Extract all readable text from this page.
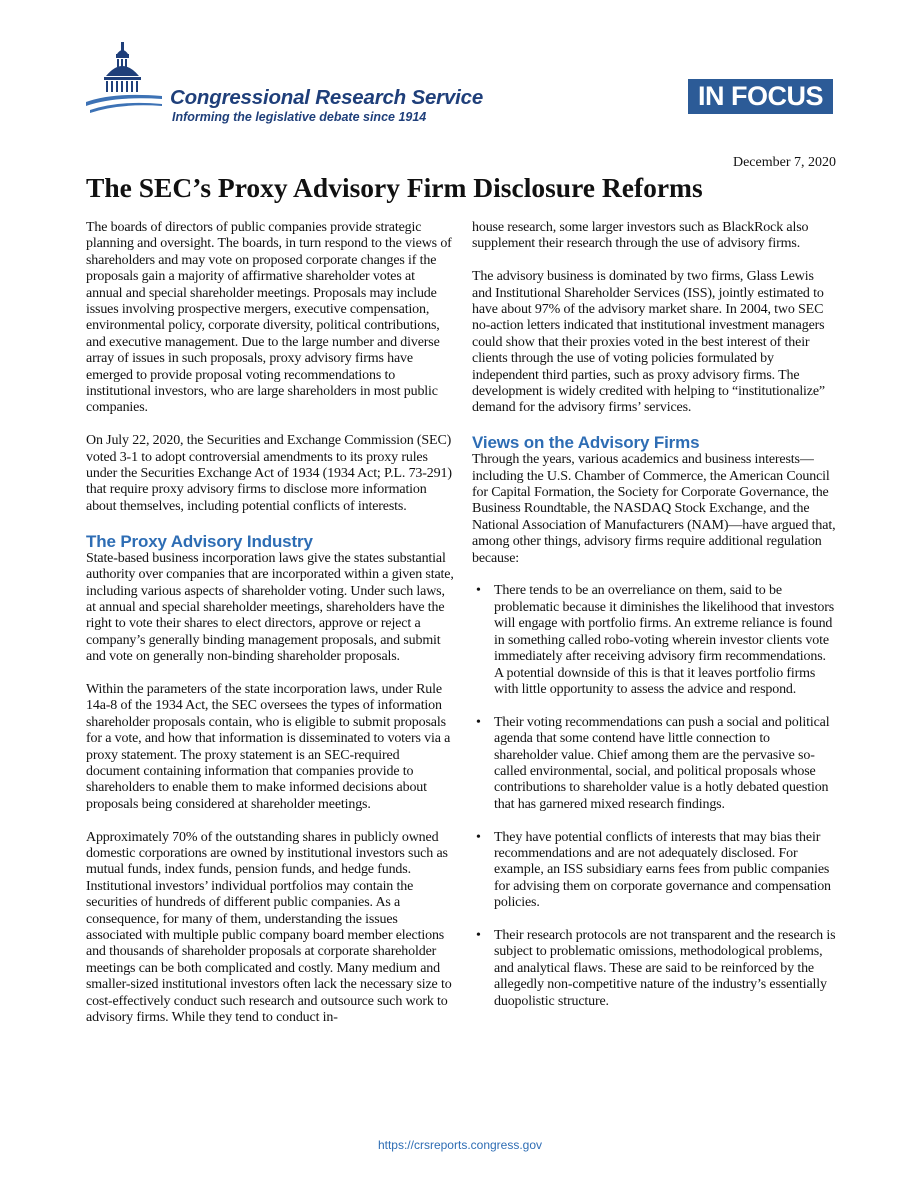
Congressional Research Service
Informing the legislative debate since 1914
IN FOCUS
December 7, 2020
The SEC’s Proxy Advisory Firm Disclosure Reforms

The boards of directors of public companies provide strategic planning and oversight. The boards, in turn respond to the views of shareholders and may vote on proposed corporate changes if the proposals gain a majority of affirmative shareholder votes at annual and special shareholder meetings. Proposals may include issues involving prospective mergers, executive compensation, environmental policy, corporate diversity, political contributions, and executive management. Due to the large number and diverse array of issues in such proposals, proxy advisory firms have emerged to provide proposal voting recommendations to institutional investors, who are large shareholders in most public companies.

On July 22, 2020, the Securities and Exchange Commission (SEC) voted 3-1 to adopt controversial amendments to its proxy rules under the Securities Exchange Act of 1934 (1934 Act; P.L. 73-291) that require proxy advisory firms to disclose more information about themselves, including potential conflicts of interests.

The Proxy Advisory Industry

State-based business incorporation laws give the states substantial authority over companies that are incorporated within a given state, including various aspects of shareholder voting. Under such laws, at annual and special shareholder meetings, shareholders have the right to vote their shares to elect directors, approve or reject a company’s generally binding management proposals, and submit and vote on generally non-binding shareholder proposals.

Within the parameters of the state incorporation laws, under Rule 14a-8 of the 1934 Act, the SEC oversees the types of information shareholder proposals contain, who is eligible to submit proposals for a vote, and how that information is disseminated to voters via a proxy statement. The proxy statement is an SEC-required document containing information that companies provide to shareholders to enable them to make informed decisions about proposals being considered at shareholder meetings.

Approximately 70% of the outstanding shares in publicly owned domestic corporations are owned by institutional investors such as mutual funds, index funds, pension funds, and hedge funds. Institutional investors’ individual portfolios may contain the securities of hundreds of different public companies. As a consequence, for many of them, understanding the issues associated with multiple public company board member elections and thousands of shareholder proposals at corporate shareholder meetings can be both complicated and costly. Many medium and smaller-sized institutional investors often lack the necessary size to cost-effectively conduct such research and outsource such work to advisory firms. While they tend to conduct in-

house research, some larger investors such as BlackRock also supplement their research through the use of advisory firms.

The advisory business is dominated by two firms, Glass Lewis and Institutional Shareholder Services (ISS), jointly estimated to have about 97% of the advisory market share. In 2004, two SEC no-action letters indicated that institutional investment managers could show that their proxies voted in the best interest of their clients through the use of voting policies formulated by independent third parties, such as proxy advisory firms. The development is widely credited with helping to “institutionalize” demand for the advisory firms’ services.

Views on the Advisory Firms

Through the years, various academics and business interests—including the U.S. Chamber of Commerce, the American Council for Capital Formation, the Society for Corporate Governance, the Business Roundtable, the NASDAQ Stock Exchange, and the National Association of Manufacturers (NAM)—have argued that, among other things, advisory firms require additional regulation because:

• There tends to be an overreliance on them, said to be problematic because it diminishes the likelihood that investors will engage with portfolio firms. An extreme reliance is found in something called robo-voting wherein investor clients vote immediately after receiving advisory firm recommendations. A potential downside of this is that it leaves portfolio firms with little opportunity to assess the advice and respond.
• Their voting recommendations can push a social and political agenda that some contend have little connection to shareholder value. Chief among them are the pervasive so-called environmental, social, and political proposals whose contributions to shareholder value is a hotly debated question that has garnered mixed research findings.
• They have potential conflicts of interests that may bias their recommendations and are not adequately disclosed. For example, an ISS subsidiary earns fees from public companies for advising them on corporate governance and compensation policies.
• Their research protocols are not transparent and the research is subject to problematic omissions, methodological problems, and analytical flaws. These are said to be reinforced by the allegedly non-competitive nature of the industry’s essentially duopolistic structure.
https://crsreports.congress.gov
